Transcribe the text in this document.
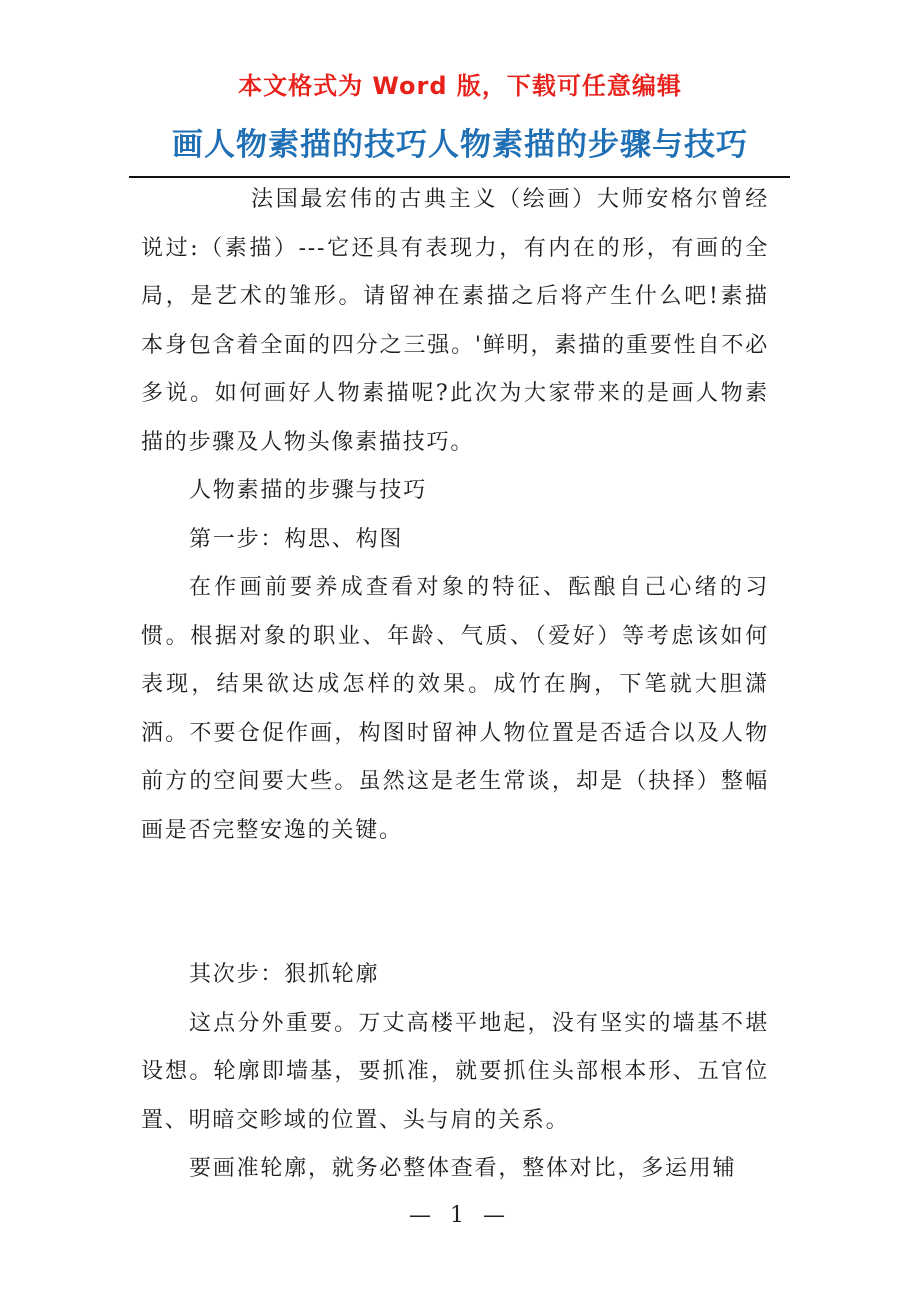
本文格式为 Word 版，下载可任意编辑
画人物素描的技巧人物素描的步骤与技巧

法国最宏伟的古典主义（绘画）大师安格尔曾经说过:（素描）---它还具有表现力，有内在的形，有画的全局，是艺术的雏形。请留神在素描之后将产生什么吧!素描本身包含着全面的四分之三强。'鲜明，素描的重要性自不必多说。如何画好人物素描呢?此次为大家带来的是画人物素描的步骤及人物头像素描技巧。

人物素描的步骤与技巧

第一步：构思、构图

在作画前要养成查看对象的特征、酝酿自己心绪的习惯。根据对象的职业、年龄、气质、（爱好）等考虑该如何表现，结果欲达成怎样的效果。成竹在胸，下笔就大胆潇洒。不要仓促作画，构图时留神人物位置是否适合以及人物前方的空间要大些。虽然这是老生常谈，却是（抉择）整幅画是否完整安逸的关键。

其次步：狠抓轮廓

这点分外重要。万丈高楼平地起，没有坚实的墙基不堪设想。轮廓即墙基，要抓准，就要抓住头部根本形、五官位置、明暗交畛域的位置、头与肩的关系。

要画准轮廓，就务必整体查看，整体对比，多运用辅

— 1 —
